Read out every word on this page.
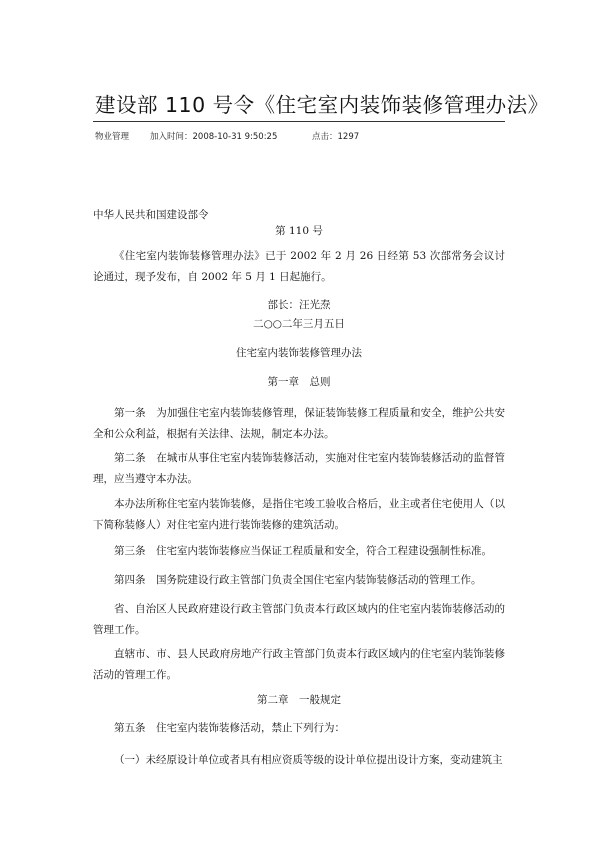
建设部 110 号令《住宅室内装饰装修管理办法》
物业管理 加入时间：2008-10-31 9:50:25	点击：1297
中华人民共和国建设部令
第 110 号
《住宅室内装饰装修管理办法》已于 2002 年 2 月 26 日经第 53 次部常务会议讨论通过，现予发布，自 2002 年 5 月 1 日起施行。
部长：汪光焘
二○○二年三月五日
住宅室内装饰装修管理办法
第一章　总则
第一条　为加强住宅室内装饰装修管理，保证装饰装修工程质量和安全，维护公共安全和公众利益，根据有关法律、法规，制定本办法。
第二条　在城市从事住宅室内装饰装修活动，实施对住宅室内装饰装修活动的监督管理，应当遵守本办法。
本办法所称住宅室内装饰装修，是指住宅竣工验收合格后，业主或者住宅使用人（以下简称装修人）对住宅室内进行装饰装修的建筑活动。
第三条　住宅室内装饰装修应当保证工程质量和安全，符合工程建设强制性标准。
第四条　国务院建设行政主管部门负责全国住宅室内装饰装修活动的管理工作。
省、自治区人民政府建设行政主管部门负责本行政区域内的住宅室内装饰装修活动的管理工作。
直辖市、市、县人民政府房地产行政主管部门负责本行政区域内的住宅室内装饰装修活动的管理工作。
第二章　一般规定
第五条　住宅室内装饰装修活动，禁止下列行为：
（一）未经原设计单位或者具有相应资质等级的设计单位提出设计方案，变动建筑主
